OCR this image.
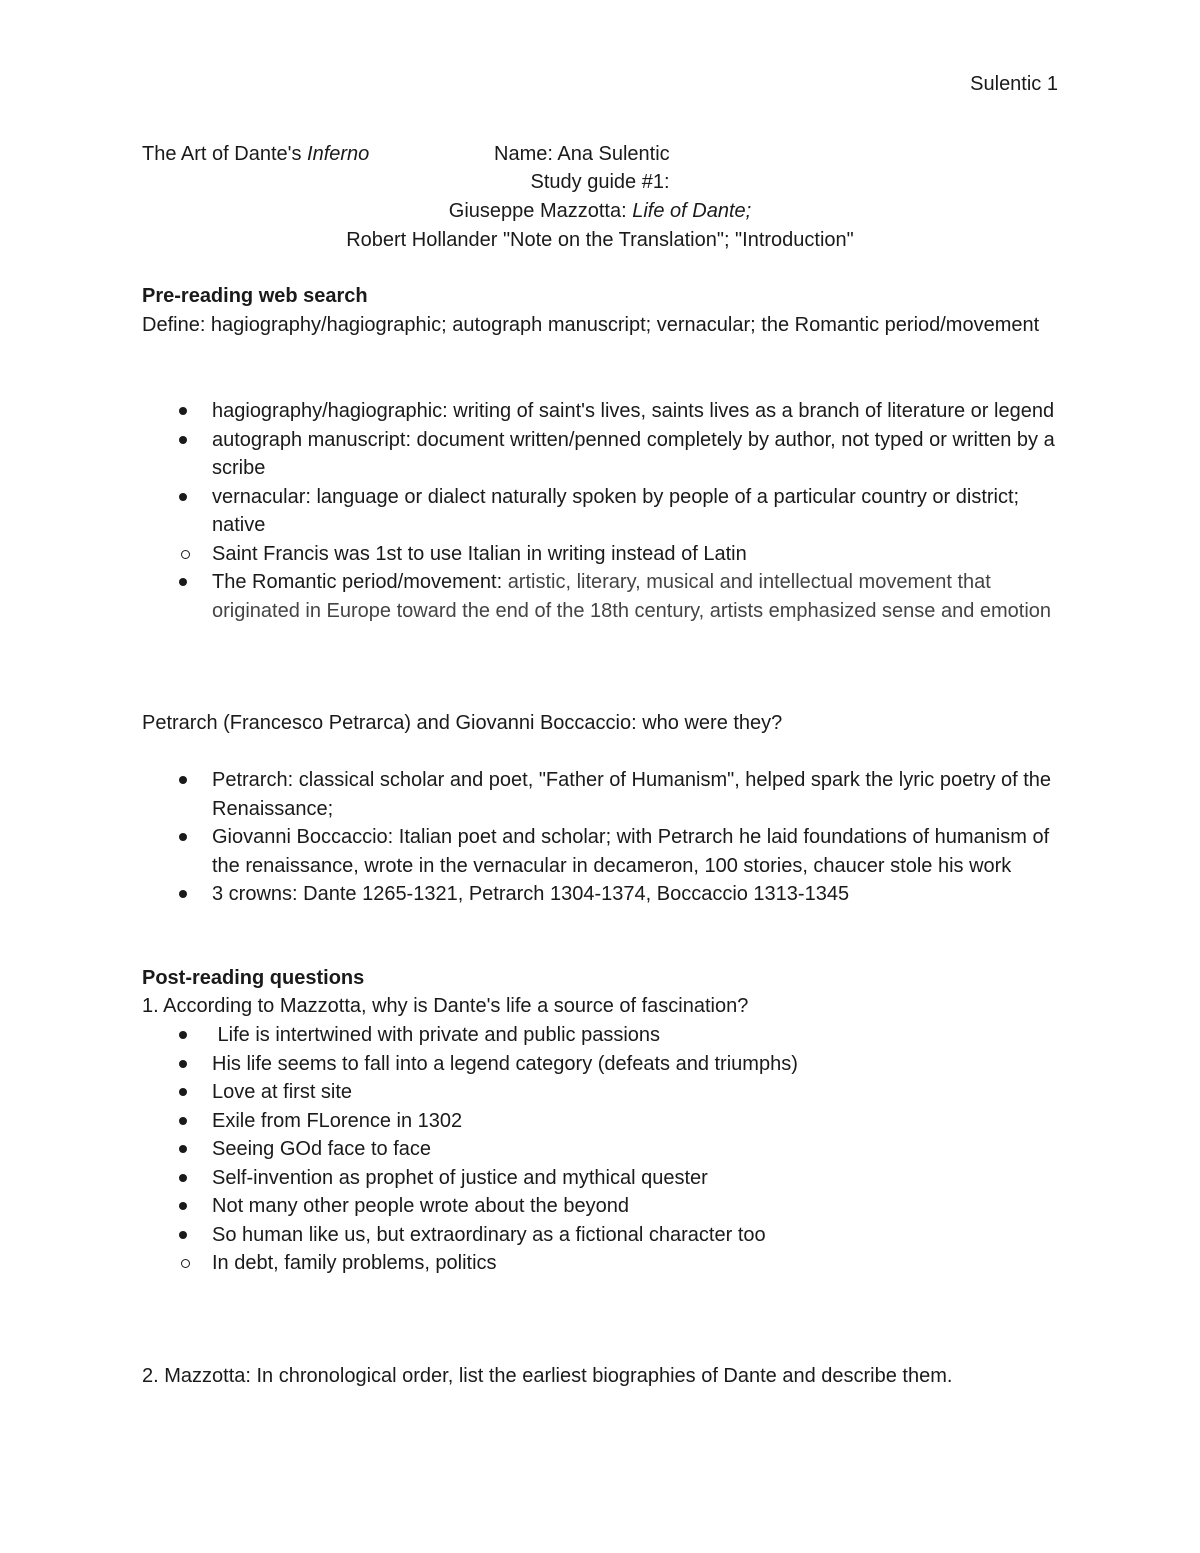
Sulentic 1
The Art of Dante's Inferno	Name: Ana Sulentic
Study guide #1:
Giuseppe Mazzotta: Life of Dante;
Robert Hollander "Note on the Translation"; "Introduction"
Pre-reading web search
Define: hagiography/hagiographic; autograph manuscript; vernacular; the Romantic period/movement
hagiography/hagiographic: writing of saint's lives, saints lives as a branch of literature or legend
autograph manuscript: document written/penned completely by author, not typed or written by a scribe
vernacular: language or dialect naturally spoken by people of a particular country or district; native
Saint Francis was 1st to use Italian in writing instead of Latin
The Romantic period/movement: artistic, literary, musical and intellectual movement that originated in Europe toward the end of the 18th century, artists emphasized sense and emotion
Petrarch (Francesco Petrarca) and Giovanni Boccaccio: who were they?
Petrarch: classical scholar and poet, "Father of Humanism", helped spark the lyric poetry of the Renaissance;
Giovanni Boccaccio: Italian poet and scholar; with Petrarch he laid foundations of humanism of the renaissance, wrote in the vernacular in decameron, 100 stories, chaucer stole his work
3 crowns: Dante 1265-1321, Petrarch 1304-1374, Boccaccio 1313-1345
Post-reading questions
1. According to Mazzotta, why is Dante's life a source of fascination?
Life is intertwined with private and public passions
His life seems to fall into a legend category (defeats and triumphs)
Love at first site
Exile from FLorence in 1302
Seeing GOd face to face
Self-invention as prophet of justice and mythical quester
Not many other people wrote about the beyond
So human like us, but extraordinary as a fictional character too
In debt, family problems, politics
2. Mazzotta: In chronological order, list the earliest biographies of Dante and describe them.
